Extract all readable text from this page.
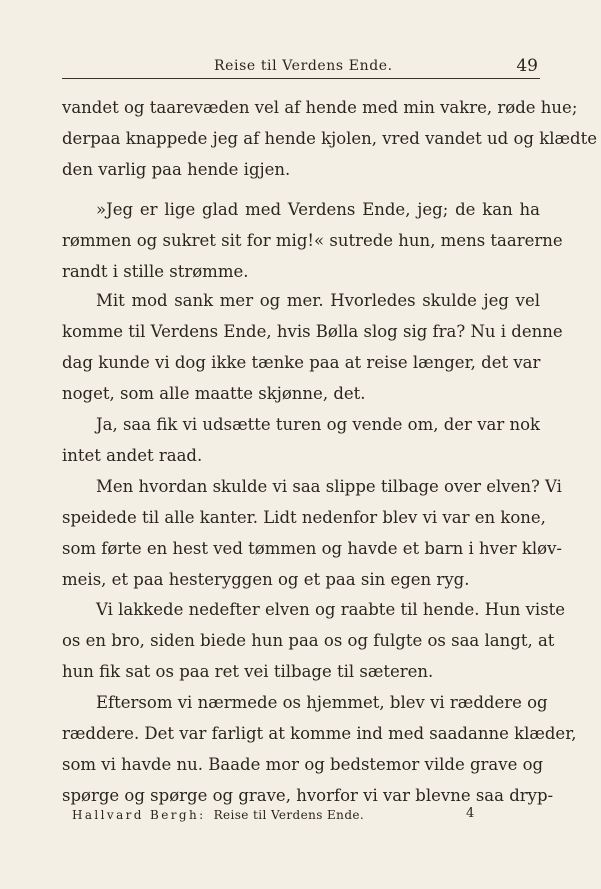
Reise til Verdens Ende.	49
vandet og taarevæden vel af hende med min vakre, røde hue;
derpaa knappede jeg af hende kjolen, vred vandet ud og klædte
den varlig paa hende igjen.
»Jeg er lige glad med Verdens Ende, jeg; de kan ha
rømmen og sukret sit for mig!« sutrede hun, mens taarerne
randt i stille strømme.
Mit mod sank mer og mer. Hvorledes skulde jeg vel
komme til Verdens Ende, hvis Bølla slog sig fra? Nu i denne
dag kunde vi dog ikke tænke paa at reise længer, det var
noget, som alle maatte skjønne, det.
Ja, saa fik vi udsætte turen og vende om, der var nok
intet andet raad.
Men hvordan skulde vi saa slippe tilbage over elven? Vi
speidede til alle kanter. Lidt nedenfor blev vi var en kone,
som førte en hest ved tømmen og havde et barn i hver kløv-
meis, et paa hesteryggen og et paa sin egen ryg.
Vi lakkede nedefter elven og raabte til hende. Hun viste
os en bro, siden biede hun paa os og fulgte os saa langt, at
hun fik sat os paa ret vei tilbage til sæteren.
Eftersom vi nærmede os hjemmet, blev vi ræddere og
ræddere. Det var farligt at komme ind med saadanne klæder,
som vi havde nu. Baade mor og bedstemor vilde grave og
spørge og spørge og grave, hvorfor vi var blevne saa dryp-
Hallvard Bergh: Reise til Verdens Ende.	4
